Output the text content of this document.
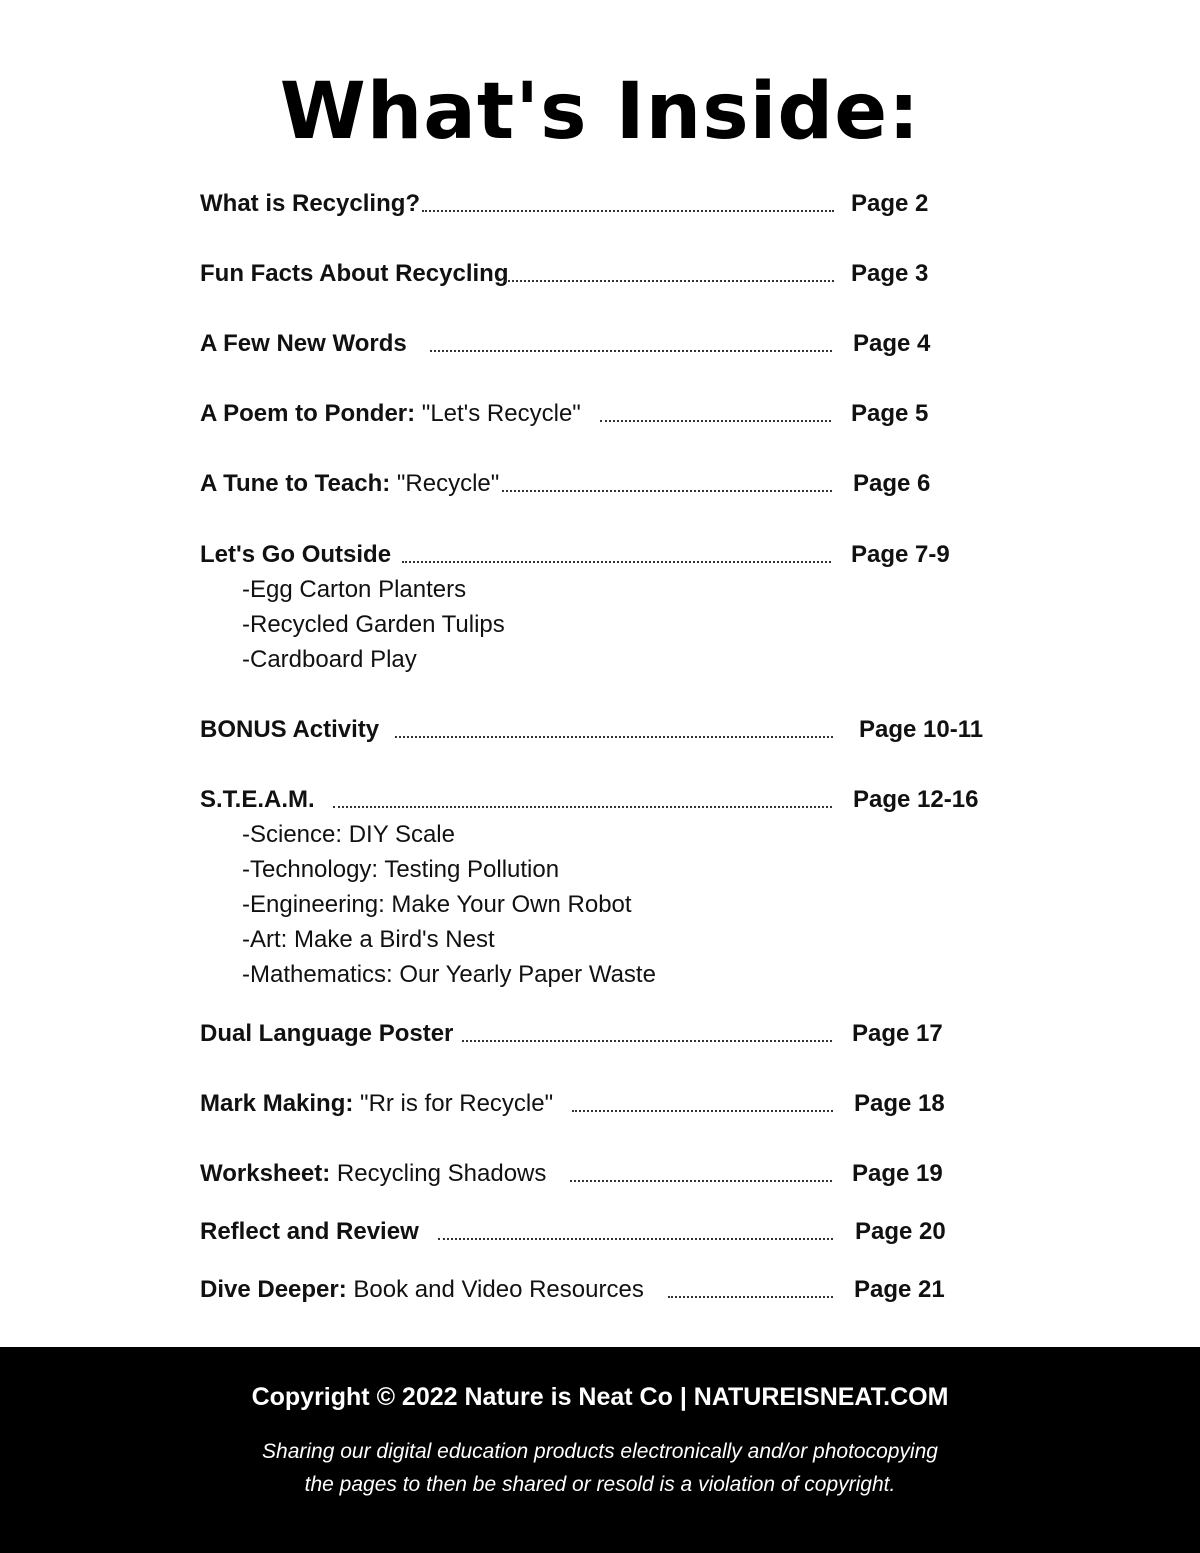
What's Inside:
What is Recycling?	Page 2
Fun Facts About Recycling	Page 3
A Few New Words	Page 4
A Poem to Ponder: "Let's Recycle"	Page 5
A Tune to Teach: "Recycle"	Page 6
Let's Go Outside	Page 7-9
-Egg Carton Planters
-Recycled Garden Tulips
-Cardboard Play
BONUS Activity	Page 10-11
S.T.E.A.M.	Page 12-16
-Science: DIY Scale
-Technology: Testing Pollution
-Engineering: Make Your Own Robot
-Art: Make a Bird's Nest
-Mathematics: Our Yearly Paper Waste
Dual Language Poster	Page 17
Mark Making: "Rr is for Recycle"	Page 18
Worksheet: Recycling Shadows	Page 19
Reflect and Review	Page 20
Dive Deeper: Book and Video Resources	Page 21
Copyright © 2022 Nature is Neat Co | NATUREISNEAT.COM
Sharing our digital education products electronically and/or photocopying
the pages to then be shared or resold is a violation of copyright.
